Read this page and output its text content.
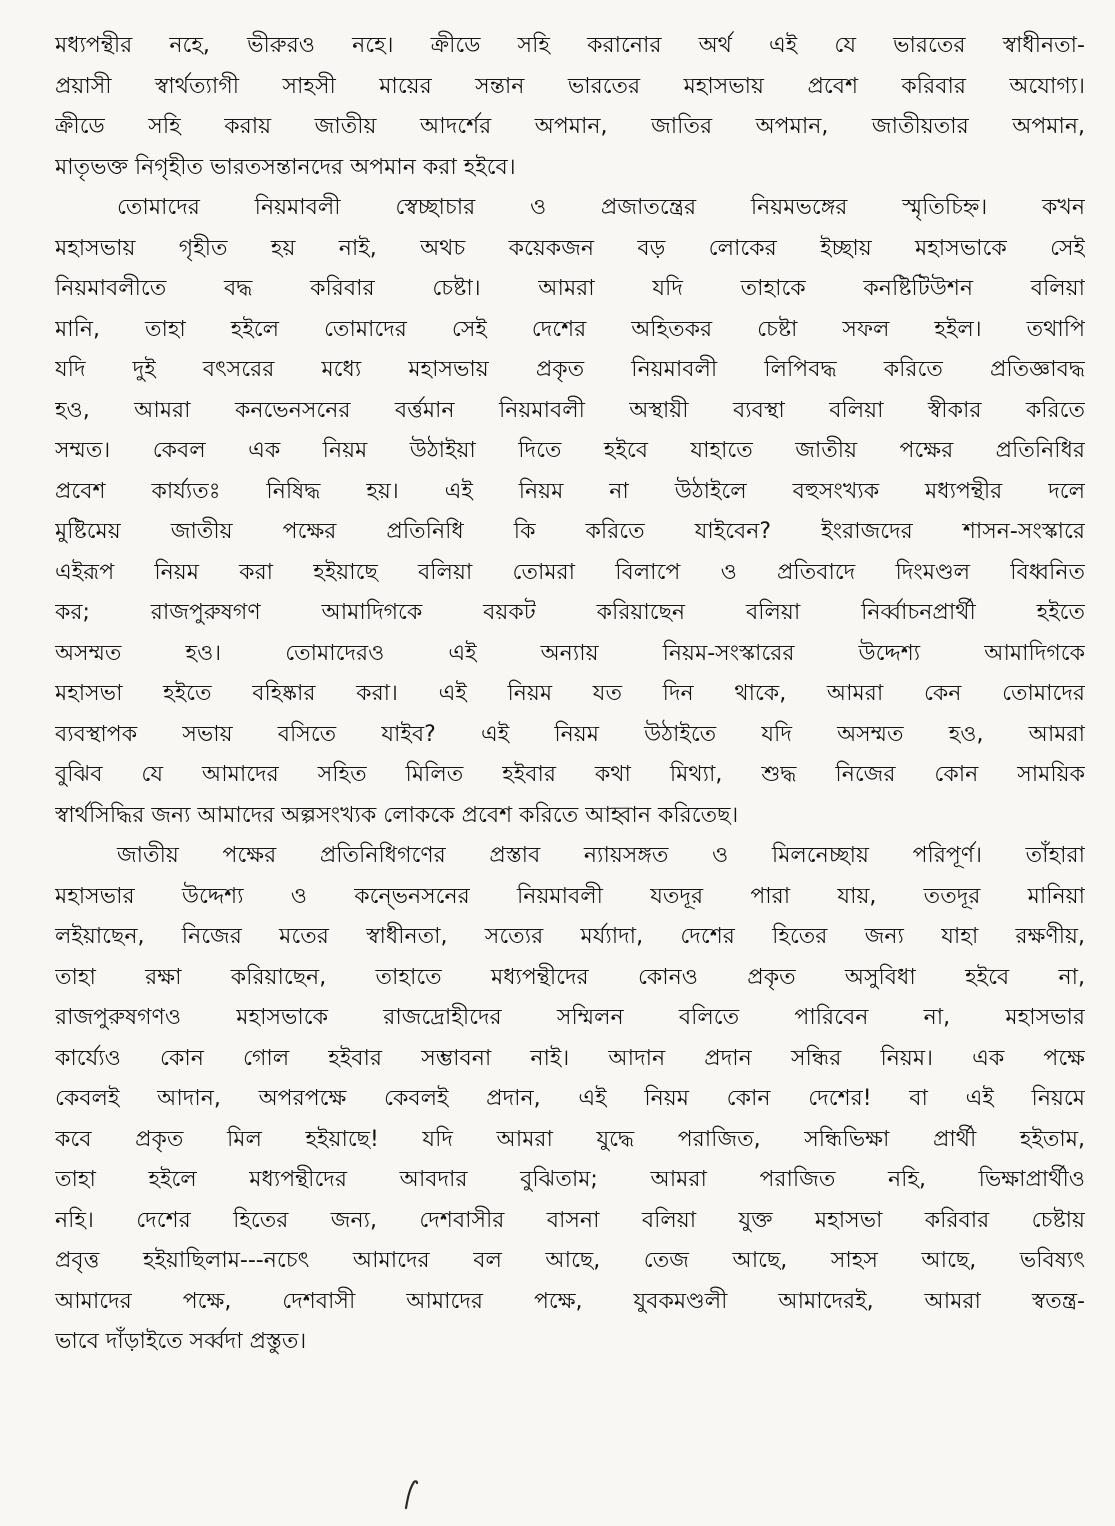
মধ্যপন্থীর নহে, ভীরুরও নহে। ক্রীডে সহি করানোর অর্থ এই যে ভারতের স্বাধীনতা-
প্রয়াসী স্বার্থত্যাগী সাহসী মায়ের সন্তান ভারতের মহাসভায় প্রবেশ করিবার অযোগ্য।
ক্রীডে সহি করায় জাতীয় আদর্শের অপমান, জাতির অপমান, জাতীয়তার অপমান,
মাতৃভক্ত নিগৃহীত ভারতসন্তানদের অপমান করা হইবে।
তোমাদের নিয়মাবলী স্বেচ্ছাচার ও প্রজাতন্ত্রের নিয়মভঙ্গের স্মৃতিচিহ্ন। কখন
মহাসভায় গৃহীত হয় নাই, অথচ কয়েকজন বড় লোকের ইচ্ছায় মহাসভাকে সেই
নিয়মাবলীতে বদ্ধ করিবার চেষ্টা। আমরা যদি তাহাকে কনষ্টিটিউশন বলিয়া
মানি, তাহা হইলে তোমাদের সেই দেশের অহিতকর চেষ্টা সফল হইল। তথাপি
যদি দুই বৎসরের মধ্যে মহাসভায় প্রকৃত নিয়মাবলী লিপিবদ্ধ করিতে প্রতিজ্ঞাবদ্ধ
হও, আমরা কনভেনসনের বর্ত্তমান নিয়মাবলী অস্থায়ী ব্যবস্থা বলিয়া স্বীকার করিতে
সম্মত। কেবল এক নিয়ম উঠাইয়া দিতে হইবে যাহাতে জাতীয় পক্ষের প্রতিনিধির
প্রবেশ কার্য্যতঃ নিষিদ্ধ হয়। এই নিয়ম না উঠাইলে বহুসংখ্যক মধ্যপন্থীর দলে
মুষ্টিমেয় জাতীয় পক্ষের প্রতিনিধি কি করিতে যাইবেন? ইংরাজদের শাসন-সংস্কারে
এইরূপ নিয়ম করা হইয়াছে বলিয়া তোমরা বিলাপে ও প্রতিবাদে দিংমণ্ডল বিধ্বনিত
কর; রাজপুরুষগণ আমাদিগকে বয়কট করিয়াছেন বলিয়া নির্ব্বাচনপ্রার্থী হইতে
অসম্মত হও। তোমাদেরও এই অন্যায় নিয়ম-সংস্কারের উদ্দেশ্য আমাদিগকে
মহাসভা হইতে বহিষ্কার করা। এই নিয়ম যত দিন থাকে, আমরা কেন তোমাদের
ব্যবস্থাপক সভায় বসিতে যাইব? এই নিয়ম উঠাইতে যদি অসম্মত হও, আমরা
বুঝিব যে আমাদের সহিত মিলিত হইবার কথা মিথ্যা, শুদ্ধ নিজের কোন সাময়িক
স্বার্থসিদ্ধির জন্য আমাদের অল্পসংখ্যক লোককে প্রবেশ করিতে আহ্বান করিতেছ।
জাতীয় পক্ষের প্রতিনিধিগণের প্রস্তাব ন্যায়সঙ্গত ও মিলনেচ্ছায় পরিপূর্ণ। তাঁহারা
মহাসভার উদ্দেশ্য ও কন্ভেনসনের নিয়মাবলী যতদূর পারা যায়, ততদূর মানিয়া
লইয়াছেন, নিজের মতের স্বাধীনতা, সত্যের মর্য্যাদা, দেশের হিতের জন্য যাহা রক্ষণীয়,
তাহা রক্ষা করিয়াছেন, তাহাতে মধ্যপন্থীদের কোনও প্রকৃত অসুবিধা হইবে না,
রাজপুরুষগণও মহাসভাকে রাজদ্রোহীদের সম্মিলন বলিতে পারিবেন না, মহাসভার
কার্য্যেও কোন গোল হইবার সম্ভাবনা নাই। আদান প্রদান সন্ধির নিয়ম। এক পক্ষে
কেবলই আদান, অপরপক্ষে কেবলই প্রদান, এই নিয়ম কোন দেশের! বা এই নিয়মে
কবে প্রকৃত মিল হইয়াছে! যদি আমরা যুদ্ধে পরাজিত, সন্ধিভিক্ষা প্রার্থী হইতাম,
তাহা হইলে মধ্যপন্থীদের আবদার বুঝিতাম; আমরা পরাজিত নহি, ভিক্ষাপ্রার্থীও
নহি। দেশের হিতের জন্য, দেশবাসীর বাসনা বলিয়া যুক্ত মহাসভা করিবার চেষ্টায়
প্রবৃত্ত হইয়াছিলাম---নচেৎ আমাদের বল আছে, তেজ আছে, সাহস আছে, ভবিষ্যৎ
আমাদের পক্ষে, দেশবাসী আমাদের পক্ষে, যুবকমণ্ডলী আমাদেরই, আমরা স্বতন্ত্র-
ভাবে দাঁড়াইতে সর্ব্বদা প্রস্তুত।
